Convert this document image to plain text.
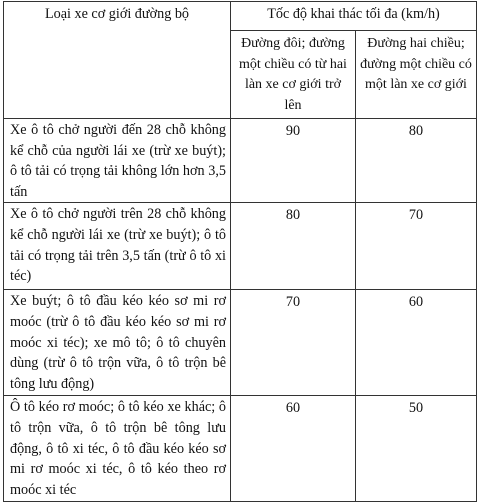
Loại xe cơ giới đường bộ	Tốc độ khai thác tối đa (km/h)	
	Đường đôi; đường một chiều có từ hai làn xe cơ giới trở lên	Đường hai chiều; đường một chiều có một làn xe cơ giới
Xe ô tô chở người đến 28 chỗ không kể chỗ của người lái xe (trừ xe buýt); ô tô tải có trọng tải không lớn hơn 3,5 tấn	90	80
Xe ô tô chở người trên 28 chỗ không kể chỗ người lái xe (trừ xe buýt); ô tô tải có trọng tải trên 3,5 tấn (trừ ô tô xi téc)	80	70
Xe buýt; ô tô đầu kéo kéo sơ mi rơ moóc (trừ ô tô đầu kéo kéo sơ mi rơ moóc xi téc); xe mô tô; ô tô chuyên dùng (trừ ô tô trộn vữa, ô tô trộn bê tông lưu động)	70	60
Ô tô kéo rơ moóc; ô tô kéo xe khác; ô tô trộn vữa, ô tô trộn bê tông lưu động, ô tô xi téc, ô tô đầu kéo kéo sơ mi rơ moóc xi téc, ô tô kéo theo rơ moóc xi téc	60	50
